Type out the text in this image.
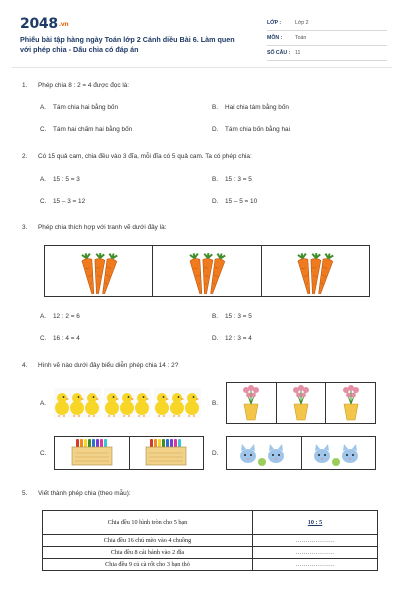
2048.vn
Phiếu bài tập hàng ngày Toán lớp 2 Cánh diều Bài 6. Làm quen với phép chia - Dấu chia có đáp án
LỚP :	Lớp 2
MÔN :	Toán
SỐ CÂU : 11
1. Phép chia 8 : 2 = 4 được đọc là:
A. Tám chia hai bằng bốn	B. Hai chia tám bằng bốn
C. Tám hai chấm hai bằng bốn	D. Tám chia bốn bằng hai
2. Có 15 quả cam, chia đều vào 3 đĩa, mỗi đĩa có 5 quả cam. Ta có phép chia:
A. 15 : 5 = 3	B. 15 : 3 = 5
C. 15 – 3 = 12	D. 15 – 5 = 10
3. Phép chia thích hợp với tranh vẽ dưới đây là:
A. 12 : 2 = 6	B. 15 : 3 = 5
C. 16 : 4 = 4	D. 12 : 3 = 4
4. Hình vẽ nào dưới đây biểu diễn phép chia 14 : 2?
A.	B.
C.	D.
5. Viết thành phép chia (theo mẫu):
Chia đều 10 hình tròn cho 5 bạn	10 : 5
Chia đều 16 chú mèo vào 4 chuồng	...................
Chia đều 8 cái bánh vào 2 đĩa	...................
Chia đều 9 củ cà rốt cho 3 bạn thỏ	...................
